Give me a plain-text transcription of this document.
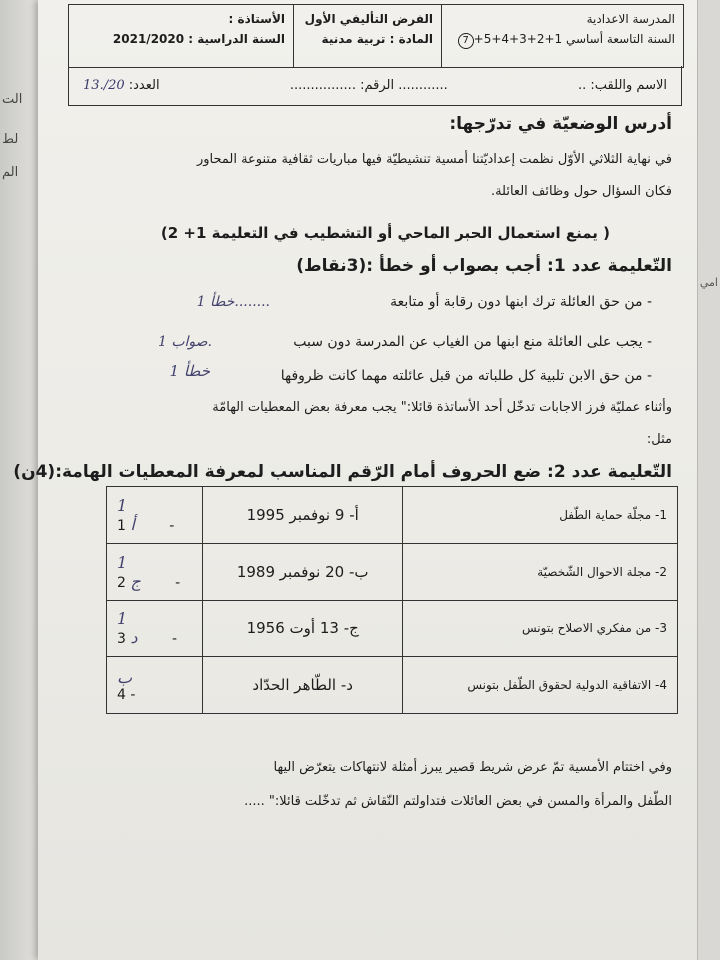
الت
لط
الم
امي
المدرسة الاعدادية
السنة التاسعة أساسي 1+2+3+4+5+7
الفرض التأليفي الأول
المادة : تربية مدنية
الأستاذة :
السنة الدراسية : 2021/2020
الاسم واللقب: ..
............ الرقم: ................
العدد: 20/.13
أدرس الوضعيّة في تدرّجها:
في نهاية الثلاثي الأوّل نظمت إعداديّتنا أمسية تنشيطيّة فيها مباريات ثقافية متنوعة المحاور
فكان السؤال حول وظائف العائلة.
( يمنع استعمال الحبر الماحي أو التشطيب في التعليمة 1+ 2)
التّعليمة عدد 1: أجب بصواب أو خطأ :(3نقاط)
- من حق العائلة ترك ابنها دون رقابة أو متابعة
........خطأ 1
- يجب على العائلة منع ابنها من الغياب عن المدرسة دون سبب
.صواب 1
- من حق الابن تلبية كل طلباته من قبل عائلته مهما كانت ظروفها
خطأ 1
وأثناء عمليّة فرز الاجابات تدخّل أحد الأساتذة قائلا:" يجب معرفة بعض المعطيات الهامّة
مثل:
التّعليمة عدد 2: ضع الحروف أمام الرّقم المناسب لمعرفة المعطيات الهامة:(4ن)
1- مجلّة حماية الطّفل	أ- 9 نوفمبر 1995	1 أ 1 -
2- مجلة الاحوال الشّخصيّة	ب- 20 نوفمبر 1989	1 ج 2 -
3- من مفكري الاصلاح بتونس	ج- 13 أوت 1956	1 د 3 -
4- الاتفاقية الدولية لحقوق الطّفل بتونس	د- الطّاهر الحدّاد	ب 4 -
وفي اختتام الأمسية تمّ عرض شريط قصير يبرز أمثلة لانتهاكات يتعرّض اليها
الطّفل والمرأة والمسن في بعض العائلات فتداولتم النّقاش ثم تدخّلت قائلا:" .....
